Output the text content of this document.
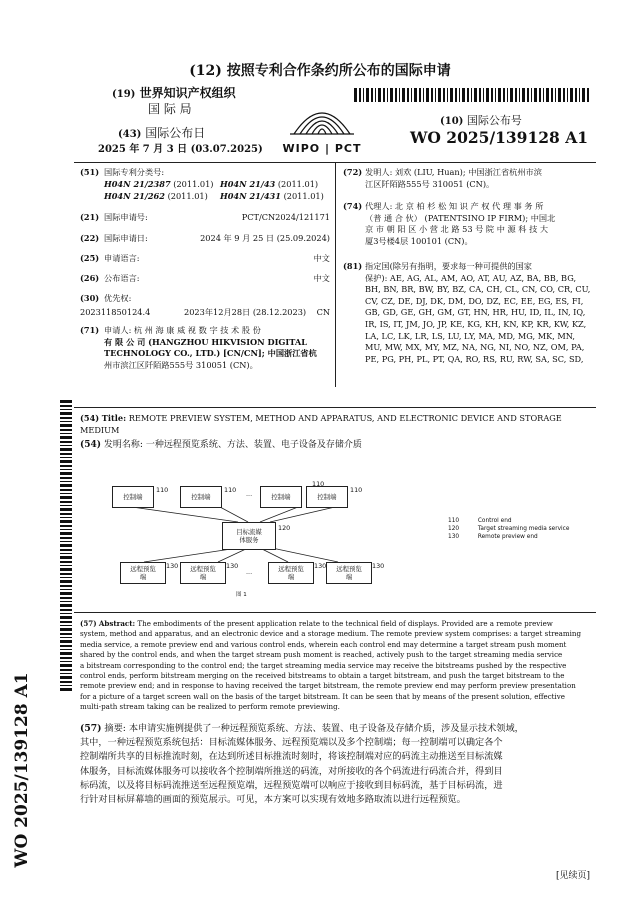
(12) 按照专利合作条约所公布的国际申请
(19) 世界知识产权组织
国 际 局
(43) 国际公布日
2025 年 7 月 3 日 (03.07.2025)	WIPO | PCT
(10) 国际公布号
WO 2025/139128 A1
(51) 国际专利分类号:
H04N 21/2387 (2011.01) H04N 21/43 (2011.01)
H04N 21/262 (2011.01) H04N 21/431 (2011.01)
(21) 国际申请号:	PCT/CN2024/121171
(22) 国际申请日:	2024 年 9 月 25 日 (25.09.2024)
(25) 申请语言:	中文
(26) 公布语言:	中文
(30) 优先权:
202311850124.4	2023年12月28日 (28.12.2023) CN
(71) 申请人: 杭 州 海 康 威 视 数 字 技 术 股 份
有 限 公 司 (HANGZHOU HIKVISION DIGITAL
TECHNOLOGY CO., LTD.) [CN/CN]; 中国浙江省杭
州市滨江区阡陌路555号 310051 (CN)。
(72) 发明人: 刘欢 (LIU, Huan); 中国浙江省杭州市滨
江区阡陌路555号 310051 (CN)。
(74) 代理人: 北 京 柏 杉 松 知 识 产 权 代 理 事 务 所
（普 通 合 伙） (PATENTSINO IP FIRM); 中国北
京 市 朝 阳 区 小 营 北 路 53 号 院 中 源 科 技 大
厦3号楼4层 100101 (CN)。
(81) 指定国(除另有指明，要求每一种可提供的国家
保护): AE, AG, AL, AM, AO, AT, AU, AZ, BA, BB, BG,
BH, BN, BR, BW, BY, BZ, CA, CH, CL, CN, CO, CR, CU,
CV, CZ, DE, DJ, DK, DM, DO, DZ, EC, EE, EG, ES, FI,
GB, GD, GE, GH, GM, GT, HN, HR, HU, ID, IL, IN, IQ,
IR, IS, IT, JM, JO, JP, KE, KG, KH, KN, KP, KR, KW, KZ,
LA, LC, LK, LR, LS, LU, LY, MA, MD, MG, MK, MN,
MU, MW, MX, MY, MZ, NA, NG, NI, NO, NZ, OM, PA,
PE, PG, PH, PL, PT, QA, RO, RS, RU, RW, SA, SC, SD,
(54) Title: REMOTE PREVIEW SYSTEM, METHOD AND APPARATUS, AND ELECTRONIC DEVICE AND STORAGE
MEDIUM
(54) 发明名称: 一种远程预览系统、方法、装置、电子设备及存储介质
控制端	控制端	控制端	控制端
110	110 ...
110
110
目标流媒
体服务
120
远程预览
端
远程预览
端
远程预览
端
远程预览
端
130	130
...
130	130
图 1
110	Control end
120	Target streaming media service
130	Remote preview end
(57) Abstract: The embodiments of the present application relate to the technical field of displays. Provided are a remote preview
system, method and apparatus, and an electronic device and a storage medium. The remote preview system comprises: a target streaming
media service, a remote preview end and various control ends, wherein each control end may determine a target stream push moment
shared by the control ends, and when the target stream push moment is reached, actively push to the target streaming media service
a bitstream corresponding to the control end; the target streaming media service may receive the bitstreams pushed by the respective
control ends, perform bitstream merging on the received bitstreams to obtain a target bitstream, and push the target bitstream to the
remote preview end; and in response to having received the target bitstream, the remote preview end may perform preview presentation
for a picture of a target screen wall on the basis of the target bitstream. It can be seen that by means of the present solution, effective
multi-path stream taking can be realized to perform remote previewing.
(57) 摘要: 本申请实施例提供了一种远程预览系统、方法、装置、电子设备及存储介质，涉及显示技术领域，
其中，一种远程预览系统包括：目标流媒体服务、远程预览端以及多个控制端；每一控制端可以确定各个
控制端所共享的目标推流时刻，在达到所述目标推流时刻时，将该控制端对应的码流主动推送至目标流媒
体服务，目标流媒体服务可以接收各个控制端所推送的码流，对所接收的各个码流进行码流合并，得到目
标码流，以及将目标码流推送至远程预览端，远程预览端可以响应于接收到目标码流，基于目标码流，进
行针对目标屏幕墙的画面的预览展示。可见，本方案可以实现有效地多路取流以进行远程预览。
WO 2025/139128 A1
[见续页]
